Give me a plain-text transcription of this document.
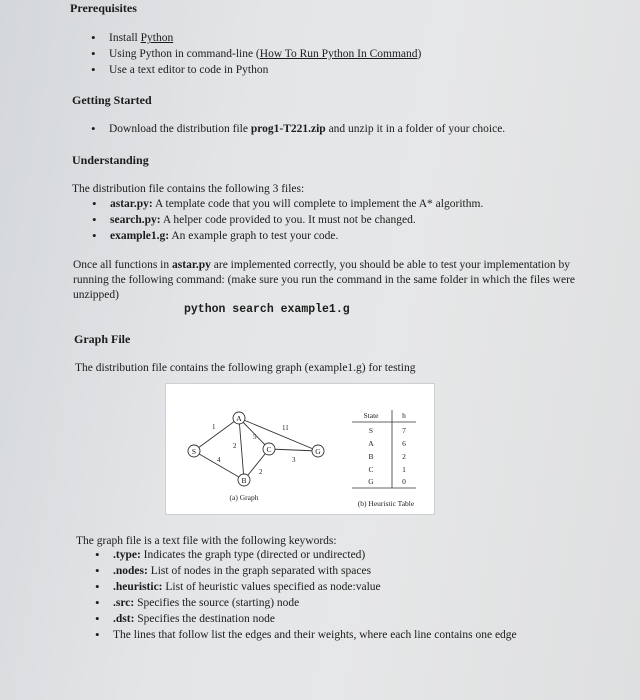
Prerequisites
• Install Python
• Using Python in command-line (How To Run Python In Command)
• Use a text editor to code in Python
Getting Started
• Download the distribution file prog1-T221.zip and unzip it in a folder of your choice.
Understanding

The distribution file contains the following 3 files:

• astar.py: A template code that you will complete to implement the A* algorithm.
• search.py: A helper code provided to you. It must not be changed.
• example1.g: An example graph to test your code.

Once all functions in astar.py are implemented correctly, you should be able to test your implementation by running the following command: (make sure you run the command in the same folder in which the files were unzipped)

python search example1.g
Graph File

The distribution file contains the following graph (example1.g) for testing

1
2
5
4
2
11
3
S
A
B
C	G
(a) Graph
State	h
S	7
A	6
B	2
C	1
G	0
(b) Heuristic Table

The graph file is a text file with the following keywords:

• .type: Indicates the graph type (directed or undirected)
• .nodes: List of nodes in the graph separated with spaces
• .heuristic: List of heuristic values specified as node:value
• .src: Specifies the source (starting) node
• .dst: Specifies the destination node
• The lines that follow list the edges and their weights, where each line contains one edge
